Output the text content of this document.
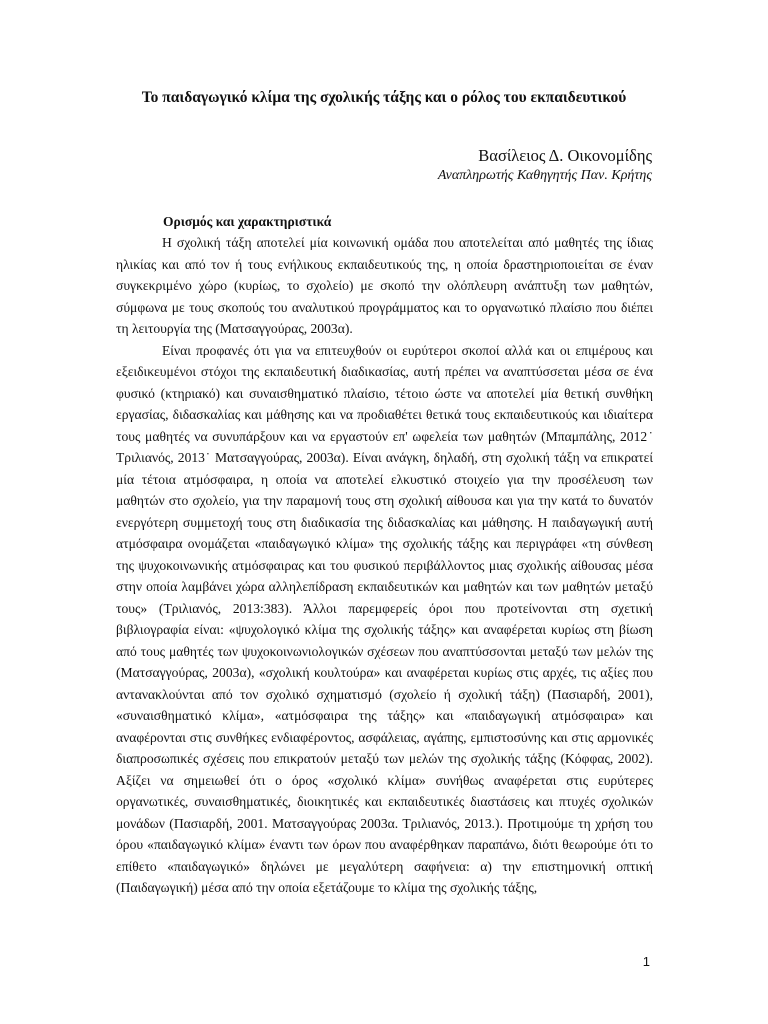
Το παιδαγωγικό κλίμα της σχολικής τάξης και ο ρόλος του εκπαιδευτικού

Βασίλειος Δ. Οικονομίδης

Αναπληρωτής Καθηγητής Παν. Κρήτης

Ορισμός και χαρακτηριστικά

Η σχολική τάξη αποτελεί μία κοινωνική ομάδα που αποτελείται από μαθητές της ίδιας ηλικίας και από τον ή τους ενήλικους εκπαιδευτικούς της, η οποία δραστηριοποιείται σε έναν συγκεκριμένο χώρο (κυρίως, το σχολείο) με σκοπό την ολόπλευρη ανάπτυξη των μαθητών, σύμφωνα με τους σκοπούς του αναλυτικού προγράμματος και το οργανωτικό πλαίσιο που διέπει τη λειτουργία της (Ματσαγγούρας, 2003α).

Είναι προφανές ότι για να επιτευχθούν οι ευρύτεροι σκοποί αλλά και οι επιμέρους και εξειδικευμένοι στόχοι της εκπαιδευτική διαδικασίας, αυτή πρέπει να αναπτύσσεται μέσα σε ένα φυσικό (κτηριακό) και συναισθηματικό πλαίσιο, τέτοιο ώστε να αποτελεί μία θετική συνθήκη εργασίας, διδασκαλίας και μάθησης και να προδιαθέτει θετικά τους εκπαιδευτικούς και ιδιαίτερα τους μαθητές να συνυπάρξουν και να εργαστούν επ' ωφελεία των μαθητών (Μπαμπάλης, 2012˙ Τριλιανός, 2013˙ Ματσαγγούρας, 2003α). Είναι ανάγκη, δηλαδή, στη σχολική τάξη να επικρατεί μία τέτοια ατμόσφαιρα, η οποία να αποτελεί ελκυστικό στοιχείο για την προσέλευση των μαθητών στο σχολείο, για την παραμονή τους στη σχολική αίθουσα και για την κατά το δυνατόν ενεργότερη συμμετοχή τους στη διαδικασία της διδασκαλίας και μάθησης. Η παιδαγωγική αυτή ατμόσφαιρα ονομάζεται «παιδαγωγικό κλίμα» της σχολικής τάξης και περιγράφει «τη σύνθεση της ψυχοκοινωνικής ατμόσφαιρας και του φυσικού περιβάλλοντος μιας σχολικής αίθουσας μέσα στην οποία λαμβάνει χώρα αλληλεπίδραση εκπαιδευτικών και μαθητών και των μαθητών μεταξύ τους» (Τριλιανός, 2013:383). Άλλοι παρεμφερείς όροι που προτείνονται στη σχετική βιβλιογραφία είναι: «ψυχολογικό κλίμα της σχολικής τάξης» και αναφέρεται κυρίως στη βίωση από τους μαθητές των ψυχοκοινωνιολογικών σχέσεων που αναπτύσσονται μεταξύ των μελών της (Ματσαγγούρας, 2003α), «σχολική κουλτούρα» και αναφέρεται κυρίως στις αρχές, τις αξίες που αντανακλούνται από τον σχολικό σχηματισμό (σχολείο ή σχολική τάξη) (Πασιαρδή, 2001), «συναισθηματικό κλίμα», «ατμόσφαιρα της τάξης» και «παιδαγωγική ατμόσφαιρα» και αναφέρονται στις συνθήκες ενδιαφέροντος, ασφάλειας, αγάπης, εμπιστοσύνης και στις αρμονικές διαπροσωπικές σχέσεις που επικρατούν μεταξύ των μελών της σχολικής τάξης (Κόφφας, 2002). Αξίζει να σημειωθεί ότι ο όρος «σχολικό κλίμα» συνήθως αναφέρεται στις ευρύτερες οργανωτικές, συναισθηματικές, διοικητικές και εκπαιδευτικές διαστάσεις και πτυχές σχολικών μονάδων (Πασιαρδή, 2001. Ματσαγγούρας 2003α. Τριλιανός, 2013.). Προτιμούμε τη χρήση του όρου «παιδαγωγικό κλίμα» έναντι των όρων που αναφέρθηκαν παραπάνω, διότι θεωρούμε ότι το επίθετο «παιδαγωγικό» δηλώνει με μεγαλύτερη σαφήνεια: α) την επιστημονική οπτική (Παιδαγωγική) μέσα από την οποία εξετάζουμε το κλίμα της σχολικής τάξης,

1
